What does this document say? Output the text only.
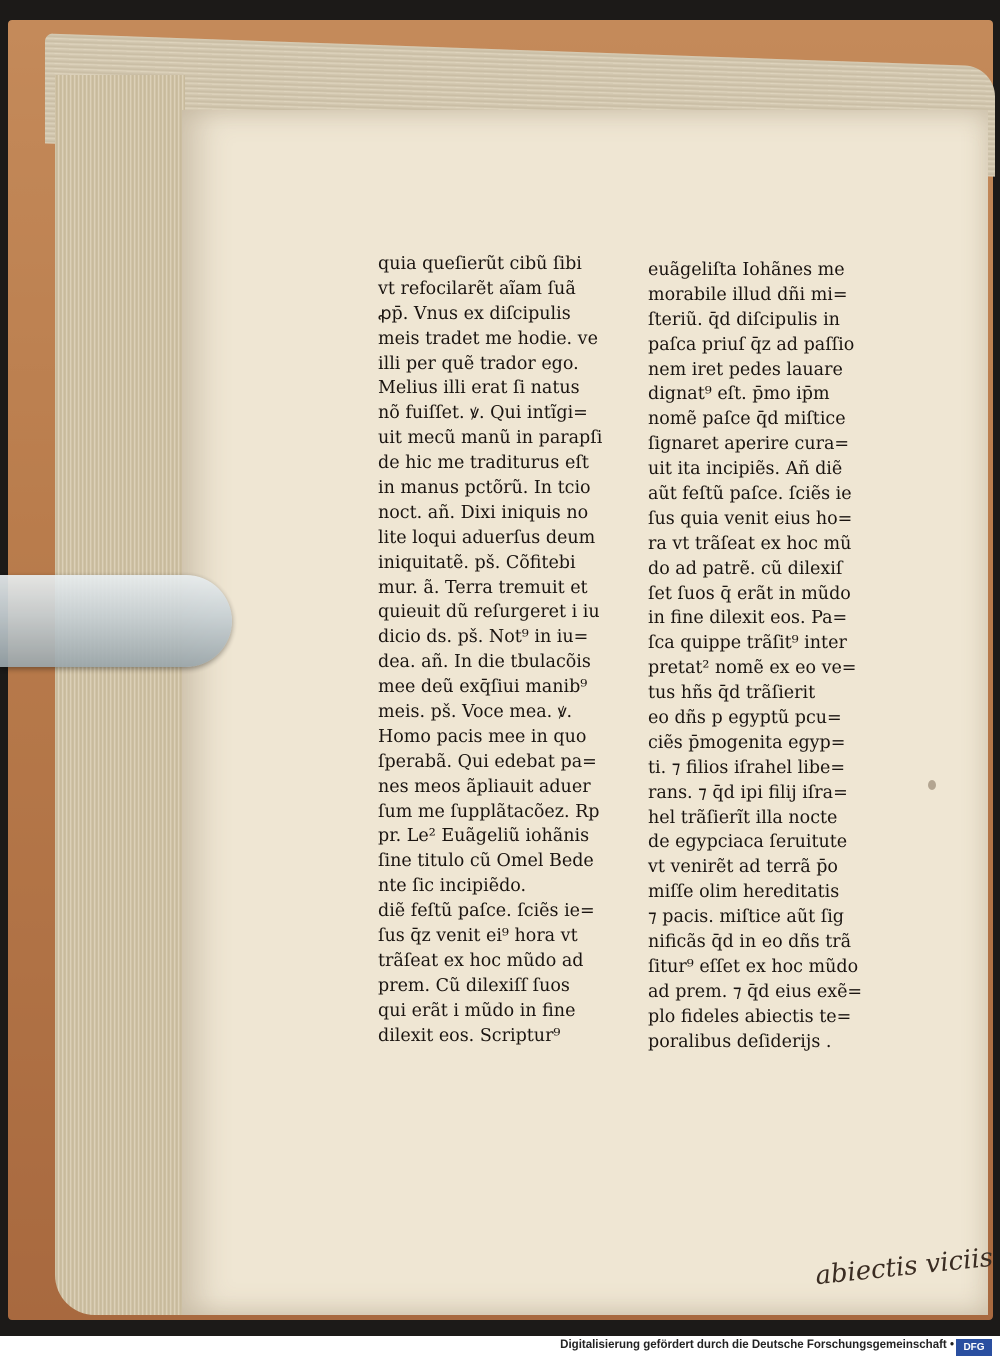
quia queſierũt cibũ ſibi
vt refocilarẽt aĩam ſuã
ꝓp̄. Vnus ex diſcipulis
meis tradet me hodie. ve
illi per quẽ trador ego.
Melius illi erat ſi natus
nõ fuiſſet. ꝟ. Qui intĩgi=
uit mecũ manũ in parapſi
de hic me traditurus eſt
in manus pctõrũ. In tcio
noct. añ. Dixi iniquis no
lite loqui aduerſus deum
iniquitatẽ. pš. Cõfitebi
mur. ã. Terra tremuit et
quieuit dũ reſurgeret i iu
dicio ds. pš. Not⁹ in iu=
dea. añ. In die tbulacõis
mee deũ exq̄ſiui manib⁹
meis. pš. Voce mea. ꝟ.
Homo pacis mee in quo
ſperabã. Qui edebat pa=
nes meos ãpliauit aduer
ſum me ſupplãtacõez. Rp
pr. Le² Euãgeliũ iohãnis
ſine titulo cũ Omel Bede
nte ſic incipiẽdo.
diẽ feſtũ paſce. ſciẽs ie=
ſus q̄z venit ei⁹ hora vt
trãſeat ex hoc mũdo ad
prem. Cũ dilexiſſ ſuos
qui erãt i mũdo in fine
dilexit eos. Scriptur⁹
euãgeliſta Iohãnes me
morabile illud dñi mi=
ſteriũ. q̄d diſcipulis in
paſca priuſ q̄z ad paſſio
nem iret pedes lauare
dignat⁹ eſt. p̄mo ip̄m
nomẽ paſce q̄d miſtice
ſignaret aperire cura=
uit ita incipiẽs. Añ diẽ
aũt feſtũ paſce. ſciẽs ie
ſus quia venit eius ho=
ra vt trãſeat ex hoc mũ
do ad patrẽ. cũ dilexiſ
ſet ſuos q̄ erãt in mũdo
in fine dilexit eos. Pa=
ſca quippe trãſit⁹ inter
pretat² nomẽ ex eo ve=
tus hñs q̄d trãſierit
eo dñs p egyptũ pcu=
ciẽs p̄mogenita egyp=
ti. ⁊ filios iſrahel libe=
rans. ⁊ q̄d ipi filij iſra=
hel trãſierĩt illa nocte
de egypciaca ſeruitute
vt venirẽt ad terrã p̄o
miſſe olim hereditatis
⁊ pacis. miſtice aũt ſig
nificãs q̄d in eo dñs trã
ſitur⁹ eſſet ex hoc mũdo
ad prem. ⁊ q̄d eius exẽ=
plo fideles abiectis te=
poralibus deſiderijs .
abiectis viciis
Digitalisierung gefördert durch die Deutsche Forschungsgemeinschaft • DFG
